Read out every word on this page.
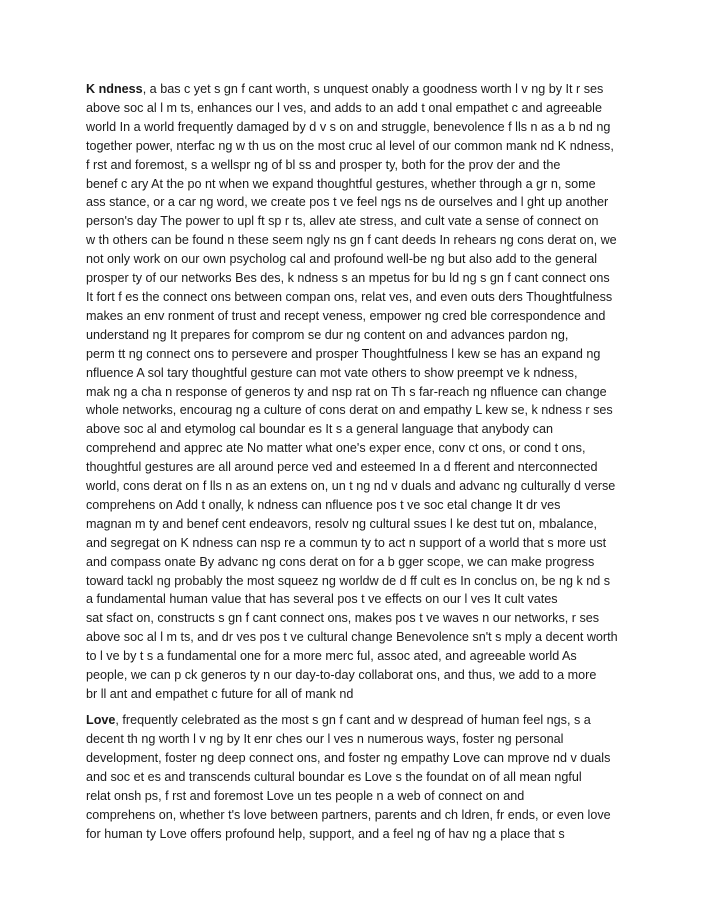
K ndness, a bas c yet s gn f cant worth, s unquest onably a goodness worth l v ng by It r ses
above soc al l m ts, enhances our l ves, and adds to an add t onal empathet c and agreeable
world In a world frequently damaged by d v s on and struggle, benevolence f lls n as a b nd ng
together power, nterfac ng w th us on the most cruc al level of our common mank nd K ndness,
f rst and foremost, s a wellspr ng of bl ss and prosper ty, both for the prov der and the
benef c ary At the po nt when we expand thoughtful gestures, whether through a gr n, some
ass stance, or a car ng word, we create pos t ve feel ngs ns de ourselves and l ght up another
person's day The power to upl ft sp r ts, allev ate stress, and cult vate a sense of connect on
w th others can be found n these seem ngly ns gn f cant deeds In rehears ng cons derat on, we
not only work on our own psycholog cal and profound well-be ng but also add to the general
prosper ty of our networks Bes des, k ndness s an mpetus for bu ld ng s gn f cant connect ons
It fort f es the connect ons between compan ons, relat ves, and even outs ders Thoughtfulness
makes an env ronment of trust and recept veness, empower ng cred ble correspondence and
understand ng It prepares for comprom se dur ng content on and advances pardon ng,
perm tt ng connect ons to persevere and prosper Thoughtfulness l kew se has an expand ng
nfluence A sol tary thoughtful gesture can mot vate others to show preempt ve k ndness,
mak ng a cha n response of generos ty and nsp rat on Th s far-reach ng nfluence can change
whole networks, encourag ng a culture of cons derat on and empathy L kew se, k ndness r ses
above soc al and etymolog cal boundar es It s a general language that anybody can
comprehend and apprec ate No matter what one's exper ence, conv ct ons, or cond t ons,
thoughtful gestures are all around perce ved and esteemed In a d fferent and nterconnected
world, cons derat on f lls n as an extens on, un t ng nd v duals and advanc ng culturally d verse
comprehens on Add t onally, k ndness can nfluence pos t ve soc etal change It dr ves
magnan m ty and benef cent endeavors, resolv ng cultural ssues l ke dest tut on, mbalance,
and segregat on K ndness can nsp re a commun ty to act n support of a world that s more ust
and compass onate By advanc ng cons derat on for a b gger scope, we can make progress
toward tackl ng probably the most squeez ng worldw de d ff cult es In conclus on, be ng k nd s
a fundamental human value that has several pos t ve effects on our l ves It cult vates
sat sfact on, constructs s gn f cant connect ons, makes pos t ve waves n our networks, r ses
above soc al l m ts, and dr ves pos t ve cultural change Benevolence sn't s mply a decent worth
to l ve by t s a fundamental one for a more merc ful, assoc ated, and agreeable world As
people, we can p ck generos ty n our day-to-day collaborat ons, and thus, we add to a more
br ll ant and empathet c future for all of mank nd
Love, frequently celebrated as the most s gn f cant and w despread of human feel ngs, s a
decent th ng worth l v ng by It enr ches our l ves n numerous ways, foster ng personal
development, foster ng deep connect ons, and foster ng empathy Love can mprove nd v duals
and soc et es and transcends cultural boundar es Love s the foundat on of all mean ngful
relat onsh ps, f rst and foremost Love un tes people n a web of connect on and
comprehens on, whether t's love between partners, parents and ch ldren, fr ends, or even love
for human ty Love offers profound help, support, and a feel ng of hav ng a place that s
